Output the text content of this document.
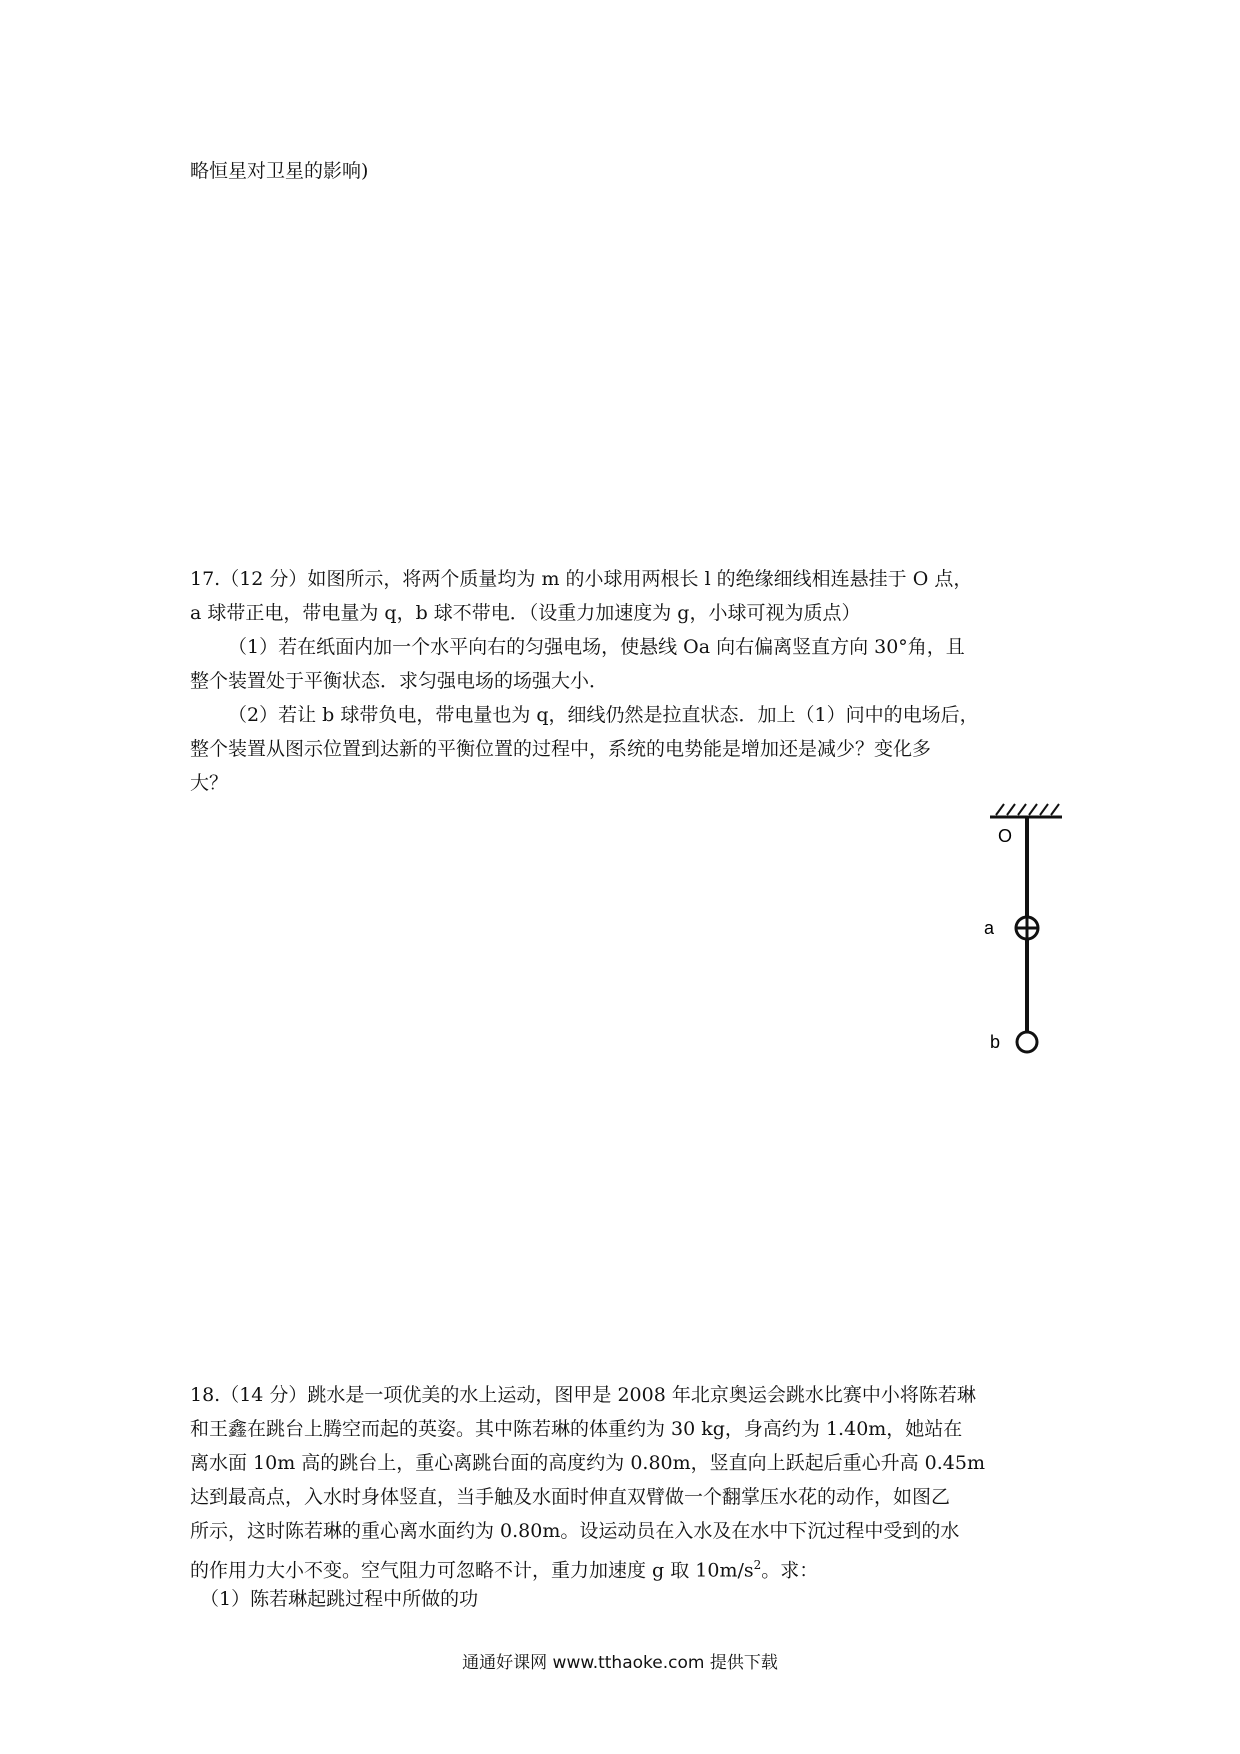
略恒星对卫星的影响)
17.（12 分）如图所示，将两个质量均为 m 的小球用两根长 l 的绝缘细线相连悬挂于 O 点，
a 球带正电，带电量为 q，b 球不带电．（设重力加速度为 g，小球可视为质点）
（1）若在纸面内加一个水平向右的匀强电场，使悬线 Oa 向右偏离竖直方向 30°角，且
整个装置处于平衡状态．求匀强电场的场强大小．
（2）若让 b 球带负电，带电量也为 q，细线仍然是拉直状态．加上（1）问中的电场后，
整个装置从图示位置到达新的平衡位置的过程中，系统的电势能是增加还是减少？变化多
大？
O
a
b
18.（14 分）跳水是一项优美的水上运动，图甲是 2008 年北京奥运会跳水比赛中小将陈若琳
和王鑫在跳台上腾空而起的英姿。其中陈若琳的体重约为 30 kg，身高约为 1.40m，她站在
离水面 10m 高的跳台上，重心离跳台面的高度约为 0.80m，竖直向上跃起后重心升高 0.45m
达到最高点，入水时身体竖直，当手触及水面时伸直双臂做一个翻掌压水花的动作，如图乙
所示，这时陈若琳的重心离水面约为 0.80m。设运动员在入水及在水中下沉过程中受到的水
的作用力大小不变。空气阻力可忽略不计，重力加速度 g 取 $10m/s^2$。求：
（1）陈若琳起跳过程中所做的功
通通好课网 www.tthaoke.com 提供下载
